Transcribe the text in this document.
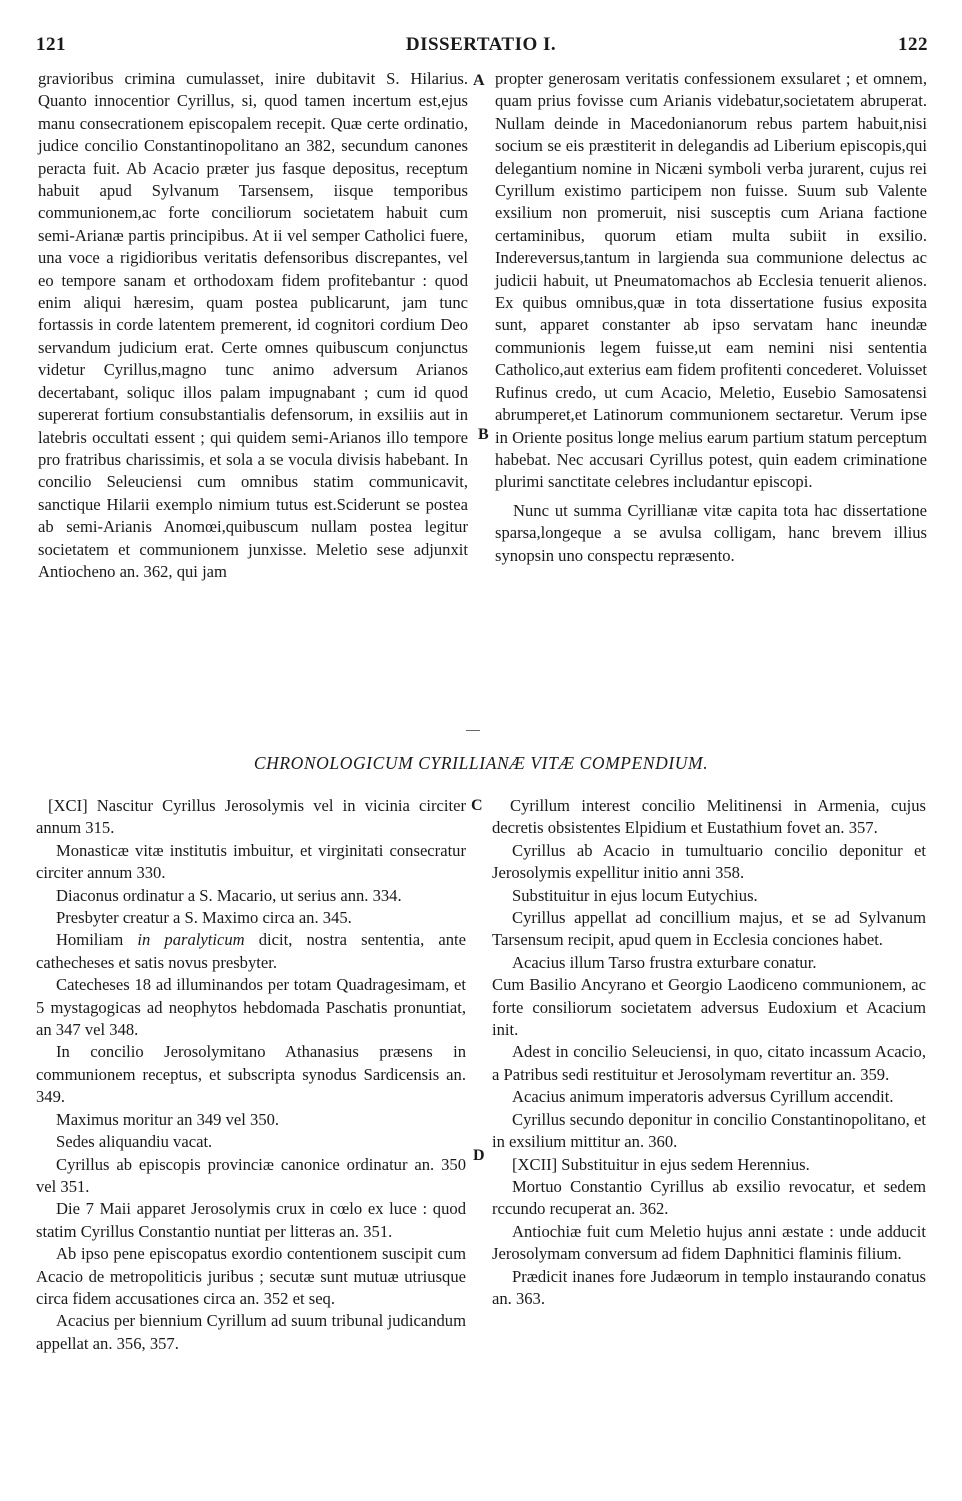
121	DISSERTATIO I.	122
A
B
C
D

gravioribus crimina cumulasset, inire dubitavit S. Hilarius. Quanto innocentior Cyrillus, si, quod tamen incertum est,ejus manu consecrationem episcopalem recepit. Quæ certe ordinatio, judice concilio Constantinopolitano an 382, secundum canones peracta fuit. Ab Acacio præter jus fasque depositus, receptum habuit apud Sylvanum Tarsensem, iisque temporibus communionem,ac forte conciliorum societatem habuit cum semi-Arianæ partis principibus. At ii vel semper Catholici fuere, una voce a rigidioribus veritatis defensoribus discrepantes, vel eo tempore sanam et orthodoxam fidem profitebantur : quod enim aliqui hæresim, quam postea publicarunt, jam tunc fortassis in corde latentem premerent, id cognitori cordium Deo servandum judicium erat. Certe omnes quibuscum conjunctus videtur Cyrillus,magno tunc animo adversum Arianos decertabant, soliquc illos palam impugnabant ; cum id quod supererat fortium consubstantialis defensorum, in exsiliis aut in latebris occultati essent ; qui quidem semi-Arianos illo tempore pro fratribus charissimis, et sola a se vocula divisis habebant. In concilio Seleuciensi cum omnibus statim communicavit, sanctique Hilarii exemplo nimium tutus est.Sciderunt se postea ab semi-Arianis Anomœi,quibuscum nullam postea legitur societatem et communionem junxisse. Meletio sese adjunxit Antiocheno an. 362, qui jam

propter generosam veritatis confessionem exsularet ; et omnem, quam prius fovisse cum Arianis videbatur,societatem abruperat. Nullam deinde in Macedonianorum rebus partem habuit,nisi socium se eis præstiterit in delegandis ad Liberium episcopis,qui delegantium nomine in Nicæni symboli verba jurarent, cujus rei Cyrillum existimo participem non fuisse. Suum sub Valente exsilium non promeruit, nisi susceptis cum Ariana factione certaminibus, quorum etiam multa subiit in exsilio. Indereversus,tantum in largienda sua communione delectus ac judicii habuit, ut Pneumatomachos ab Ecclesia tenuerit alienos. Ex quibus omnibus,quæ in tota dissertatione fusius exposita sunt, apparet constanter ab ipso servatam hanc ineundæ communionis legem fuisse,ut eam nemini nisi sententia Catholico,aut exterius eam fidem profitenti concederet. Voluisset Rufinus credo, ut cum Acacio, Meletio, Eusebio Samosatensi abrumperet,et Latinorum communionem sectaretur. Verum ipse in Oriente positus longe melius earum partium statum perceptum habebat. Nec accusari Cyrillus potest, quin eadem criminatione plurimi sanctitate celebres includantur episcopi.

Nunc ut summa Cyrillianæ vitæ capita tota hac dissertatione sparsa,longeque a se avulsa colligam, hanc brevem illius synopsin uno conspectu repræsento.

CHRONOLOGICUM CYRILLIANÆ VITÆ COMPENDIUM.

[XCI] Nascitur Cyrillus Jerosolymis vel in vicinia circiter annum 315.

Monasticæ vitæ institutis imbuitur, et virginitati consecratur circiter annum 330.

Diaconus ordinatur a S. Macario, ut serius ann. 334.

Presbyter creatur a S. Maximo circa an. 345.

Homiliam in paralyticum dicit, nostra sententia, ante cathecheses et satis novus presbyter.

Catecheses 18 ad illuminandos per totam Quadragesimam, et 5 mystagogicas ad neophytos hebdomada Paschatis pronuntiat, an 347 vel 348.

In concilio Jerosolymitano Athanasius præsens in communionem receptus, et subscripta synodus Sardicensis an. 349.

Maximus moritur an 349 vel 350.

Sedes aliquandiu vacat.

Cyrillus ab episcopis provinciæ canonice ordinatur an. 350 vel 351.

Die 7 Maii apparet Jerosolymis crux in cœlo ex luce : quod statim Cyrillus Constantio nuntiat per litteras an. 351.

Ab ipso pene episcopatus exordio contentionem suscipit cum Acacio de metropoliticis juribus ; secutæ sunt mutuæ utriusque circa fidem accusationes circa an. 352 et seq.

Acacius per biennium Cyrillum ad suum tribunal judicandum appellat an. 356, 357.

Cyrillum interest concilio Melitinensi in Armenia, cujus decretis obsistentes Elpidium et Eustathium fovet an. 357.

Cyrillus ab Acacio in tumultuario concilio deponitur et Jerosolymis expellitur initio anni 358.

Substituitur in ejus locum Eutychius.

Cyrillus appellat ad concillium majus, et se ad Sylvanum Tarsensum recipit, apud quem in Ecclesia conciones habet.

Acacius illum Tarso frustra exturbare conatur.

Cum Basilio Ancyrano et Georgio Laodiceno communionem, ac forte consiliorum societatem adversus Eudoxium et Acacium init.

Adest in concilio Seleuciensi, in quo, citato incassum Acacio, a Patribus sedi restituitur et Jerosolymam revertitur an. 359.

Acacius animum imperatoris adversus Cyrillum accendit.

Cyrillus secundo deponitur in concilio Constantinopolitano, et in exsilium mittitur an. 360.

[XCII] Substituitur in ejus sedem Herennius.

Mortuo Constantio Cyrillus ab exsilio revocatur, et sedem rccundo recuperat an. 362.

Antiochiæ fuit cum Meletio hujus anni æstate : unde adducit Jerosolymam conversum ad fidem Daphnitici flaminis filium.

Prædicit inanes fore Judæorum in templo instaurando conatus an. 363.
